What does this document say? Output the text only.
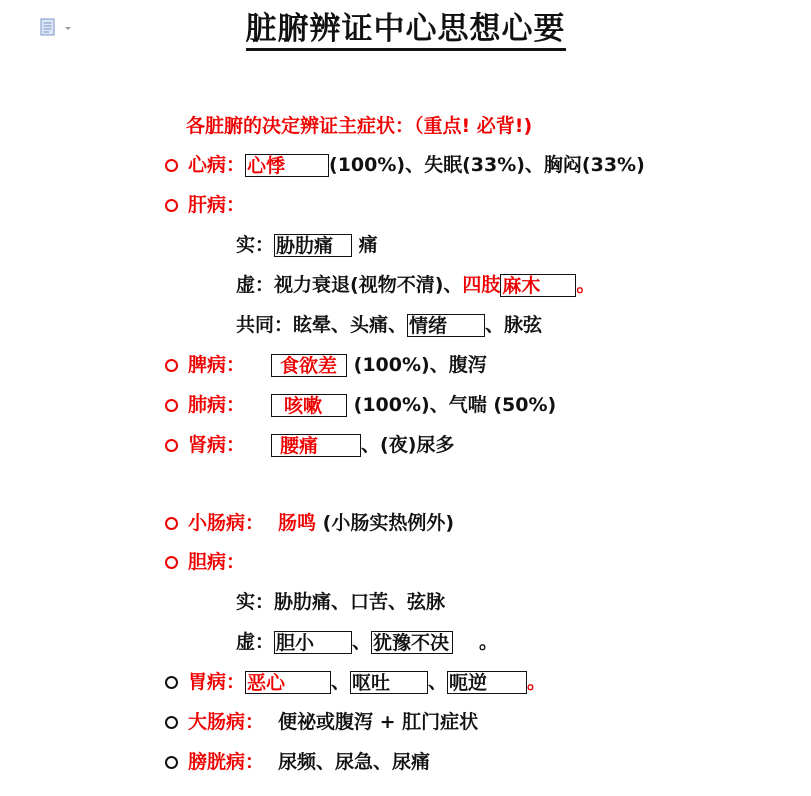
脏腑辨证中心思想心要
各脏腑的决定辨证主症状：（重点! 必背!)
心病： 心悸 (100%)、失眠(33%)、胸闷(33%)
肝病：
实： 胁肋痛 痛
虚：视力衰退(视物不清)、四肢 麻木 。
共同：眩晕、头痛、 情绪 、脉弦
脾病： 食欲差 (100%)、腹泻
肺病： 咳嗽 (100%)、气喘 (50%)
肾病： 腰痛 、(夜)尿多
小肠病： 肠鸣 (小肠实热例外)
胆病：
实：胁肋痛、口苦、弦脉
虚： 胆小 、 犹豫不决 。
胃病： 恶心 、 呕吐 、 呃逆 。
大肠病： 便祕或腹泻 + 肛门症状
膀胱病： 尿频、尿急、尿痛
